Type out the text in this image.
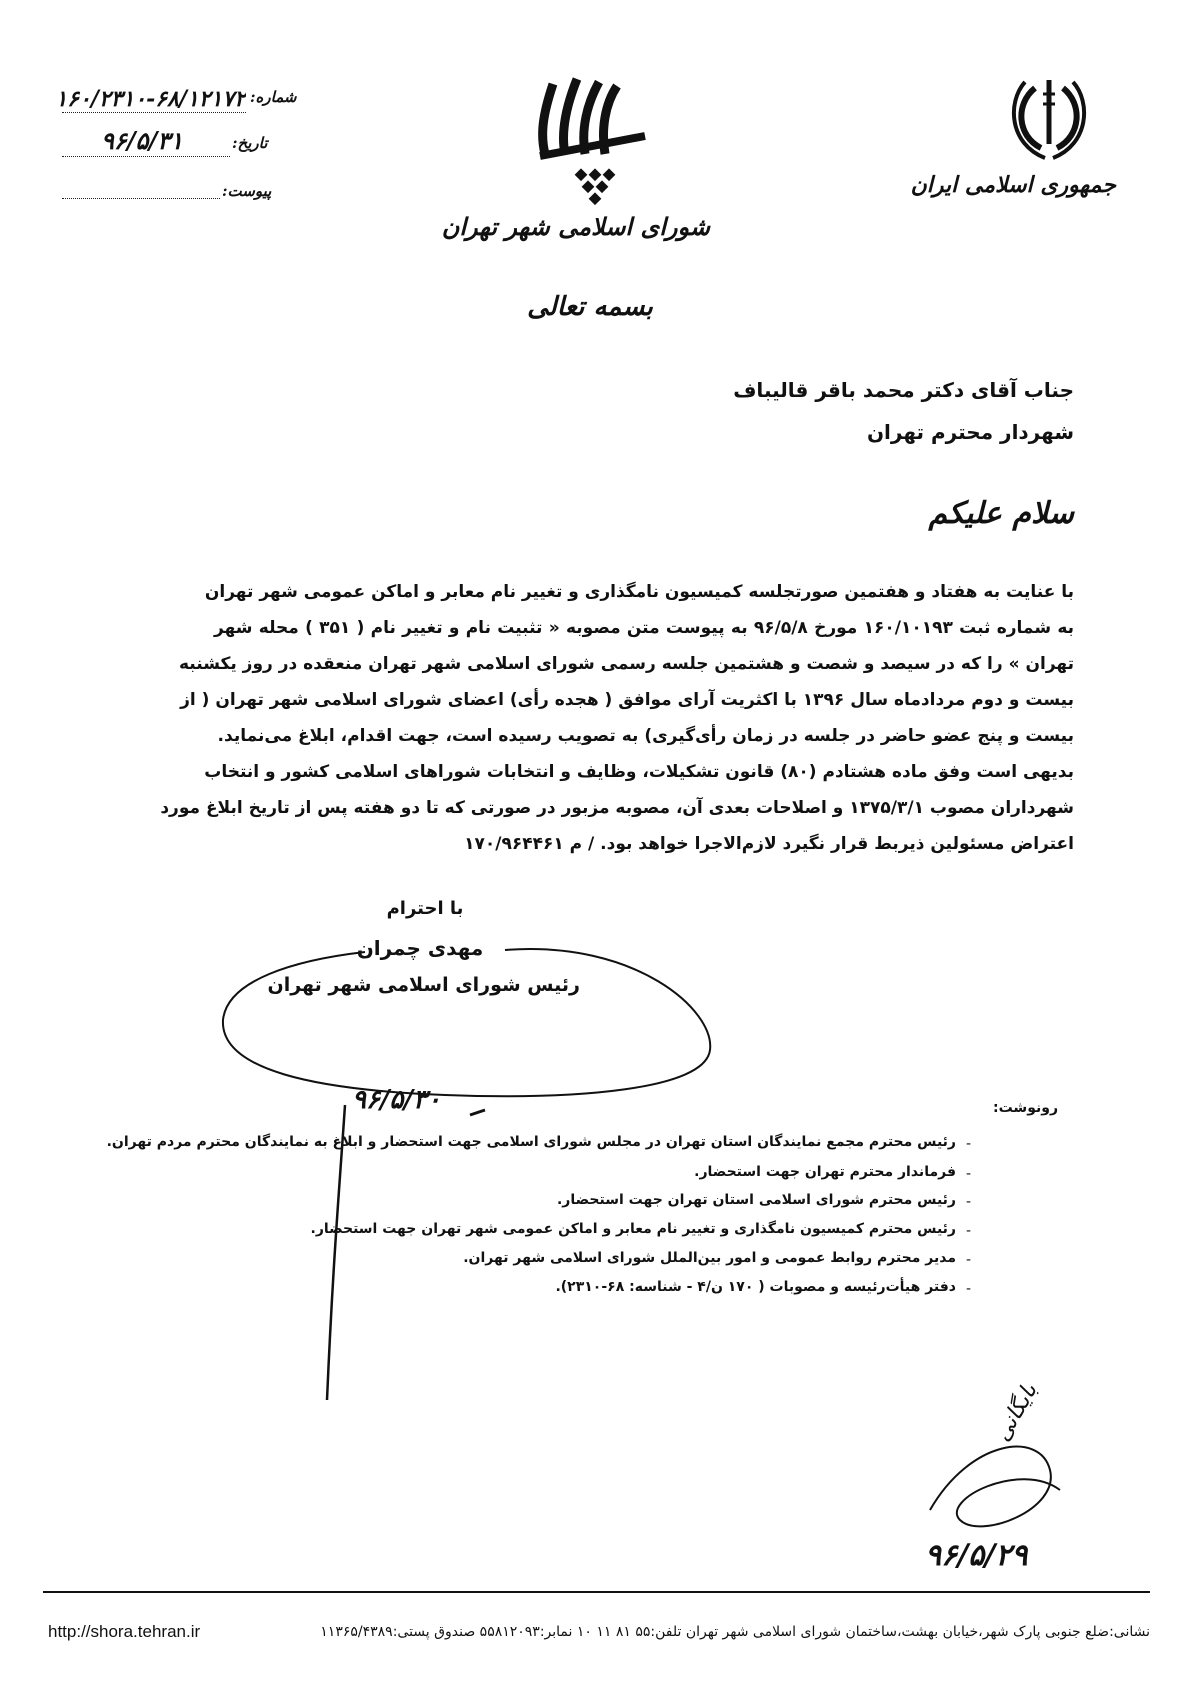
جمهوری اسلامی ایران
شورای اسلامی شهر تهران
بسمه تعالی
شماره:
۱۶۰/۲۳۱۰-۶۸/۱۲۱۷۲
تاریخ:
۹۶/۵/۳۱
پیوست:
جناب آقای دکتر محمد باقر قالیباف
شهردار محترم تهران
سلام علیکم
با عنایت به هفتاد و هفتمین صورتجلسه کمیسیون نامگذاری و تغییر نام معابر و اماکن عمومی شهر تهران
به شماره ثبت ۱۶۰/۱۰۱۹۳ مورخ ۹۶/۵/۸ به پیوست متن مصوبه « تثبیت نام و تغییر نام ( ۳۵۱ ) محله شهر
تهران » را که در سیصد و شصت و هشتمین جلسه رسمی شورای اسلامی شهر تهران منعقده در روز یکشنبه
بیست و دوم مردادماه سال ۱۳۹۶ با اکثریت آرای موافق ( هجده رأی) اعضای شورای اسلامی شهر تهران ( از
بیست و پنج عضو حاضر در جلسه در زمان رأی‌گیری) به تصویب رسیده است، جهت اقدام، ابلاغ می‌نماید.
بدیهی است وفق ماده هشتادم (۸۰) قانون تشکیلات، وظایف و انتخابات شوراهای اسلامی کشور و انتخاب
شهرداران مصوب ۱۳۷۵/۳/۱ و اصلاحات بعدی آن، مصوبه مزبور در صورتی که تا دو هفته پس از تاریخ ابلاغ مورد
اعتراض مسئولین ذیربط قرار نگیرد لازم‌الاجرا خواهد بود. / م ۱۷۰/۹۶۴۴۶۱
با احترام
مهدی چمران
رئیس شورای اسلامی شهر تهران
۹۶/۵/۳۰	رونوشت:
-
رئیس محترم مجمع نمایندگان استان تهران در مجلس شورای اسلامی جهت استحضار و ابلاغ به نمایندگان محترم مردم تهران.
-
فرماندار محترم تهران جهت استحضار.
-
رئیس محترم شورای اسلامی استان تهران جهت استحضار.
-
رئیس محترم کمیسیون نامگذاری و تغییر نام معابر و اماکن عمومی شهر تهران جهت استحضار.
-
مدیر محترم روابط عمومی و امور بین‌الملل شورای اسلامی شهر تهران.
-
دفتر هیأت‌رئیسه و مصوبات ( ۱۷۰ ن/۴ - شناسه: ۶۸-۲۳۱۰).
بایگانی
۹۶/۵/۲۹
نشانی:ضلع جنوبی پارک شهر،خیابان بهشت،ساختمان شورای اسلامی شهر تهران تلفن:۵۵ ۸۱ ۱۱ ۱۰ نمابر:۵۵۸۱۲۰۹۳ صندوق پستی:۱۱۳۶۵/۴۳۸۹
http://shora.tehran.ir
